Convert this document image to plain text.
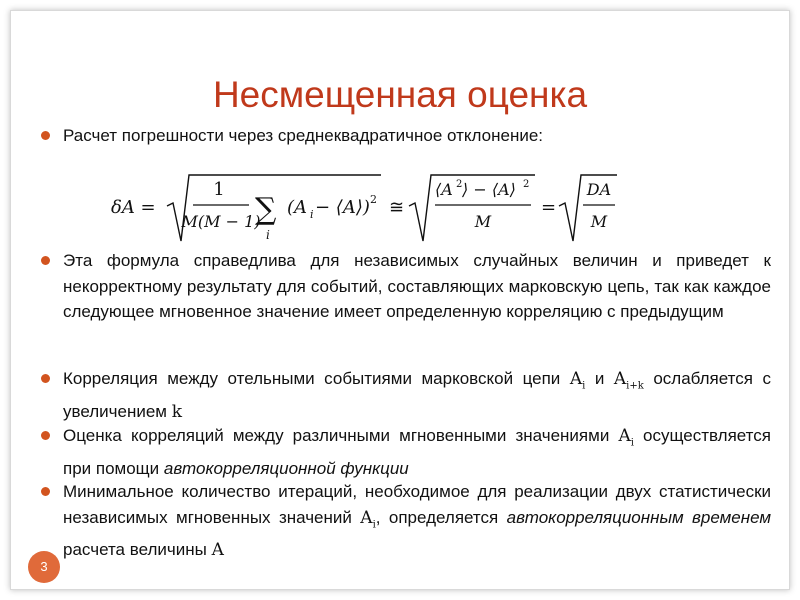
Несмещенная оценка
Расчет погрешности через среднеквадратичное отклонение:
δA =
1
M(M − 1)
∑
i
(A i − ⟨A⟩) 2 ≅
⟨A 2 ⟩ − ⟨A⟩ 2
M
=
DA
M
Эта формула справедлива для независимых случайных величин и приведет к некорректному результату для событий, составляющих марковскую цепь, так как каждое следующее мгновенное значение имеет определенную корреляцию с предыдущим
Корреляция между отельными событиями марковской цепи $A_i$ и $A_{i+k}$ ослабляется с увеличением k
Оценка корреляций между различными мгновенными значениями $A_i$ осуществляется при помощи автокорреляционной функции
Минимальное количество итераций, необходимое для реализации двух статистически независимых мгновенных значений $A_i$, определяется автокорреляционным временем расчета величины A
3
